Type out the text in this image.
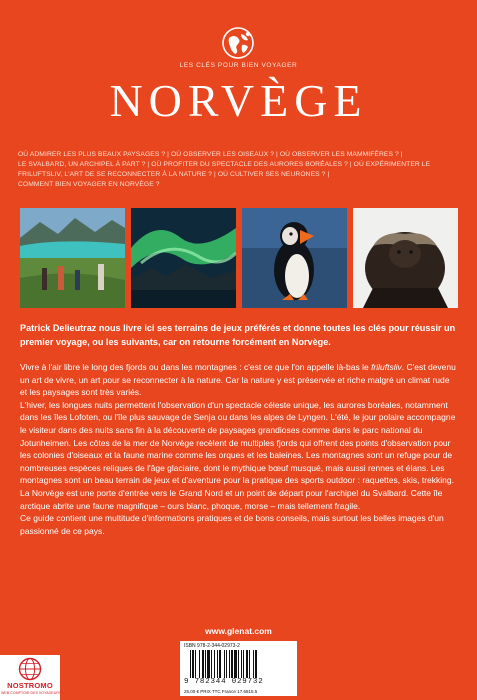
LES CLÉS POUR BIEN VOYAGER
NORVÈGE
OÙ ADMIRER LES PLUS BEAUX PAYSAGES ? | OÙ OBSERVER LES OISEAUX ? | OÙ OBSERVER LES MAMMIFÈRES ? | LE SVALBARD, UN ARCHIPEL À PART ? | OÙ PROFITER DU SPECTACLE DES AURORES BORÉALES ? | OÙ EXPÉRIMENTER LE FRILUFTSLIV, L'ART DE SE RECONNECTER À LA NATURE ? | OÙ CULTIVER SES NEURONES ? | COMMENT BIEN VOYAGER EN NORVÈGE ?
Patrick Delieutraz nous livre ici ses terrains de jeux préférés et donne toutes les clés pour réussir un premier voyage, ou les suivants, car on retourne forcément en Norvège.

Vivre à l'air libre le long des fjords ou dans les montagnes : c'est ce que l'on appelle là-bas le friluftsliv. C'est devenu un art de vivre, un art pour se reconnecter à la nature. Car la nature y est préservée et riche malgré un climat rude et les paysages sont très variés.

L'hiver, les longues nuits permettent l'observation d'un spectacle céleste unique, les aurores boréales, notamment dans les îles Lofoten, ou l'île plus sauvage de Senja ou dans les alpes de Lyngen. L'été, le jour polaire accompagne le visiteur dans des nuits sans fin à la découverte de paysages grandioses comme dans le parc national du Jotunheimen. Les côtes de la mer de Norvège recèlent de multiples fjords qui offrent des points d'observation pour les colonies d'oiseaux et la faune marine comme les orques et les baleines. Les montagnes sont un refuge pour de nombreuses espèces reliques de l'âge glaciaire, dont le mythique bœuf musqué, mais aussi rennes et élans. Les montagnes sont un beau terrain de jeux et d'aventure pour la pratique des sports outdoor : raquettes, skis, trekking.

La Norvège est une porte d'entrée vers le Grand Nord et un point de départ pour l'archipel du Svalbard. Cette île arctique abrite une faune magnifique – ours blanc, phoque, morse – mais tellement fragile.

Ce guide contient une multitude d'informations pratiques et de bons conseils, mais surtout les belles images d'un passionné de ce pays.

www.glenat.com
ISBN 978-2-344-02973-2
9 782344 029732
25,00 € PRIX TTC France 17.6815.5
NOSTROMO
WEB COMPTOIR DES VOYAGEURS
